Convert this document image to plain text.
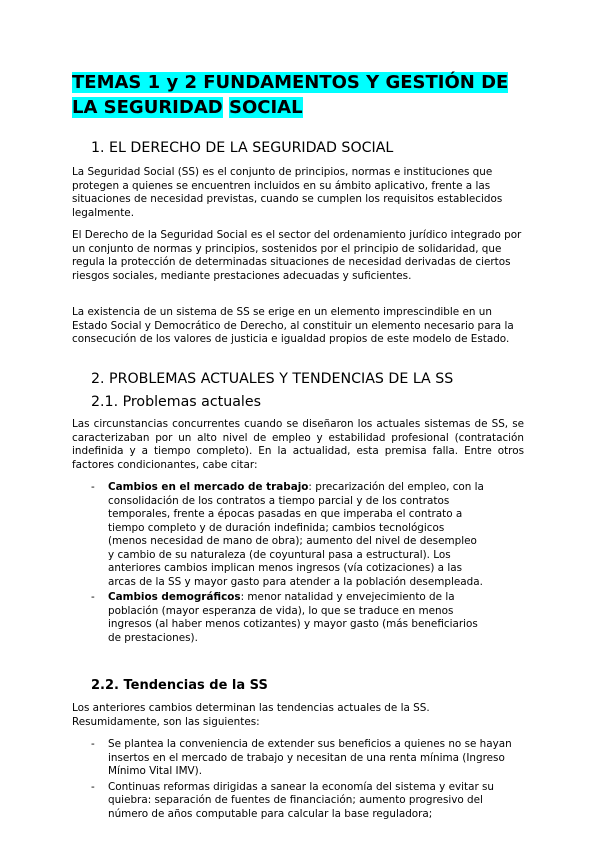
TEMAS 1 y 2 FUNDAMENTOS Y GESTIÓN DE LA SEGURIDAD SOCIAL
1. EL DERECHO DE LA SEGURIDAD SOCIAL
La Seguridad Social (SS) es el conjunto de principios, normas e instituciones que protegen a quienes se encuentren incluidos en su ámbito aplicativo, frente a las situaciones de necesidad previstas, cuando se cumplen los requisitos establecidos legalmente.
El Derecho de la Seguridad Social es el sector del ordenamiento jurídico integrado por un conjunto de normas y principios, sostenidos por el principio de solidaridad, que regula la protección de determinadas situaciones de necesidad derivadas de ciertos riesgos sociales, mediante prestaciones adecuadas y suficientes.
La existencia de un sistema de SS se erige en un elemento imprescindible en un Estado Social y Democrático de Derecho, al constituir un elemento necesario para la consecución de los valores de justicia e igualdad propios de este modelo de Estado.
2. PROBLEMAS ACTUALES Y TENDENCIAS DE LA SS
2.1. Problemas actuales
Las circunstancias concurrentes cuando se diseñaron los actuales sistemas de SS, se caracterizaban por un alto nivel de empleo y estabilidad profesional (contratación indefinida y a tiempo completo). En la actualidad, esta premisa falla. Entre otros factores condicionantes, cabe citar:
- Cambios en el mercado de trabajo: precarización del empleo, con la consolidación de los contratos a tiempo parcial y de los contratos temporales, frente a épocas pasadas en que imperaba el contrato a tiempo completo y de duración indefinida; cambios tecnológicos (menos necesidad de mano de obra); aumento del nivel de desempleo y cambio de su naturaleza (de coyuntural pasa a estructural). Los anteriores cambios implican menos ingresos (vía cotizaciones) a las arcas de la SS y mayor gasto para atender a la población desempleada.
- Cambios demográficos: menor natalidad y envejecimiento de la población (mayor esperanza de vida), lo que se traduce en menos ingresos (al haber menos cotizantes) y mayor gasto (más beneficiarios de prestaciones).
2.2. Tendencias de la SS
Los anteriores cambios determinan las tendencias actuales de la SS. Resumidamente, son las siguientes:
- Se plantea la conveniencia de extender sus beneficios a quienes no se hayan insertos en el mercado de trabajo y necesitan de una renta mínima (Ingreso Mínimo Vital IMV).
- Continuas reformas dirigidas a sanear la economía del sistema y evitar su quiebra: separación de fuentes de financiación; aumento progresivo del número de años computable para calcular la base reguladora;
